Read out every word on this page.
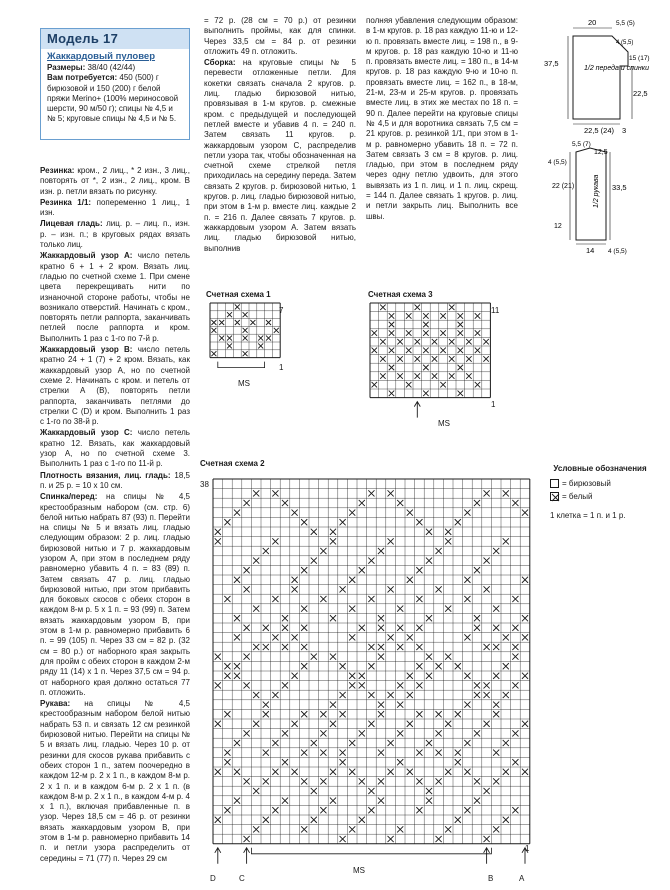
Модель 17
Жаккардовый пуловер
Размеры: 38/40 (42/44)
Вам потребуется: 450 (500) г бирюзовой и 150 (200) г белой пряжи Merino+ (100% мериносовой шерсти, 90 м/50 г); спицы № 4,5 и № 5; круговые спицы № 4,5 и № 5.

Резинка: кром., 2 лиц., * 2 изн., 3 лиц., повторять от *, 2 изн., 2 лиц., кром. В изн. р. петли вязать по рисунку.

Резинка 1/1: попеременно 1 лиц., 1 изн.

Лицевая гладь: лиц. р. – лиц. п., изн. р. – изн. п.; в круговых рядах вязать только лиц.

Жаккардовый узор А: число петель кратно 6 + 1 + 2 кром. Вязать лиц. гладью по счетной схеме 1. При смене цвета перекрещивать нити по изнаночной стороне работы, чтобы не возникало отверстий. Начинать с кром., повторять петли раппорта, заканчивать петлей после раппорта и кром. Выполнить 1 раз с 1-го по 7-й р.

Жаккардовый узор В: число петель кратно 24 + 1 (7) + 2 кром. Вязать, как жаккардовый узор А, но по счетной схеме 2. Начинать с кром. и петель от стрелки А (В), повторять петли раппорта, заканчивать петлями до стрелки С (D) и кром. Выполнить 1 раз с 1-го по 38-й р.

Жаккардовый узор С: число петель кратно 12. Вязать, как жаккардовый узор А, но по счетной схеме 3. Выполнить 1 раз с 1-го по 11-й р.

Плотность вязания, лиц. гладь: 18,5 п. и 25 р. = 10 х 10 см.

Спинка/перед: на спицы № 4,5 крестообразным набором (см. стр. 6) белой нитью набрать 87 (93) п. Перейти на спицы № 5 и вязать лиц. гладью следующим образом: 2 р. лиц. гладью бирюзовой нитью и 7 р. жаккардовым узором А, при этом в последнем ряду равномерно убавить 4 п. = 83 (89) п. Затем связать 47 р. лиц. гладью бирюзовой нитью, при этом прибавить для боковых скосов с обеих сторон в каждом 8-м р. 5 х 1 п. = 93 (99) п. Затем вязать жаккардовым узором В, при этом в 1-м р. равномерно прибавить 6 п. = 99 (105) п. Через 33 см = 82 р. (32 см = 80 р.) от наборного края закрыть для пройм с обеих сторон в каждом 2-м ряду 11 (14) х 1 п. Через 37,5 см = 94 р. от наборного края должно остаться 77 п. отложить.

Рукава: на спицы № 4,5 крестообразным набором белой нитью набрать 53 п. и связать 12 см резинкой бирюзовой нитью. Перейти на спицы № 5 и вязать лиц. гладью. Через 10 р. от резинки для скосов рукава прибавить с обеих сторон 1 п., затем поочередно в каждом 12-м р. 2 х 1 п., в каждом 8-м р. 2 х 1 п. и в каждом 6-м р. 2 х 1 п. (в каждом 8-м р. 2 х 1 п., в каждом 4-м р. 4 х 1 п.), включая прибавленные п. в узор. Через 18,5 см = 46 р. от резинки вязать жаккардовым узором В, при этом в 1-м р. равномерно прибавить 14 п. и петли узора распределить от середины = 71 (77) п. Через 29 см

= 72 р. (28 см = 70 р.) от резинки выполнить проймы, как для спинки. Через 33,5 см = 84 р. от резинки отложить 49 п. отложить.

Сборка: на круговые спицы № 5 перевести отложенные петли. Для кокетки связать сначала 2 кругов. р. лиц. гладью бирюзовой нитью, провязывая в 1-м кругов. р. смежные кром. с предыдущей и последующей петлей вместе и убавив 4 п. = 240 п. Затем связать 11 кругов. р. жаккардовым узором С, распределив петли узора так, чтобы обозначенная на счетной схеме стрелкой петля приходилась на середину переда. Затем связать 2 кругов. р. бирюзовой нитью, 1 кругов. р. лиц. гладью бирюзовой нитью, при этом в 1-м р. вместе лиц. каждые 2 п. = 216 п. Далее связать 7 кругов. р. жаккардовым узором А. Затем вязать лиц. гладью бирюзовой нитью, выполнив

полняя убавления следующим образом: в 1-м кругов. р. 18 раз каждую 11-ю и 12-ю п. провязать вместе лиц. = 198 п., в 9-м кругов. р. 18 раз каждую 10-ю и 11-ю п. провязать вместе лиц. = 180 п., в 14-м кругов. р. 18 раз каждую 9-ю и 10-ю п. провязать вместе лиц. = 162 п., в 18-м, 21-м, 23-м и 25-м кругов. р. провязать вместе лиц. в этих же местах по 18 п. = 90 п. Далее перейти на круговые спицы № 4,5 и для воротника связать 7,5 см = 21 кругов. р. резинкой 1/1, при этом в 1-м р. равномерно убавить 18 п. = 72 п. Затем связать 3 см = 8 кругов. р. лиц. гладью, при этом в последнем ряду через одну петлю удвоить, для этого вывязать из 1 п. лиц. и 1 п. лиц. скрещ. = 144 п. Далее связать 1 кругов. р. лиц. и петли закрыть лиц. Выполнить все швы.

20	5,5 (5)
4 (5,5)
37,5
15 (17)
22,5
1/2 переда и спинки
22,5 (24) 3
5,5 (7)
12,5
4 (5,5)
22 (21)
12
33,5
1/2 рукава
14 4 (5,5)
Счетная схема 1
7
1
MS
Счетная схема 3
11
1
MS
Счетная схема 2
38
1
MS
D	C	B	A
Условные обозначения
= бирюзовый
= белый
1 клетка = 1 п. и 1 р.
